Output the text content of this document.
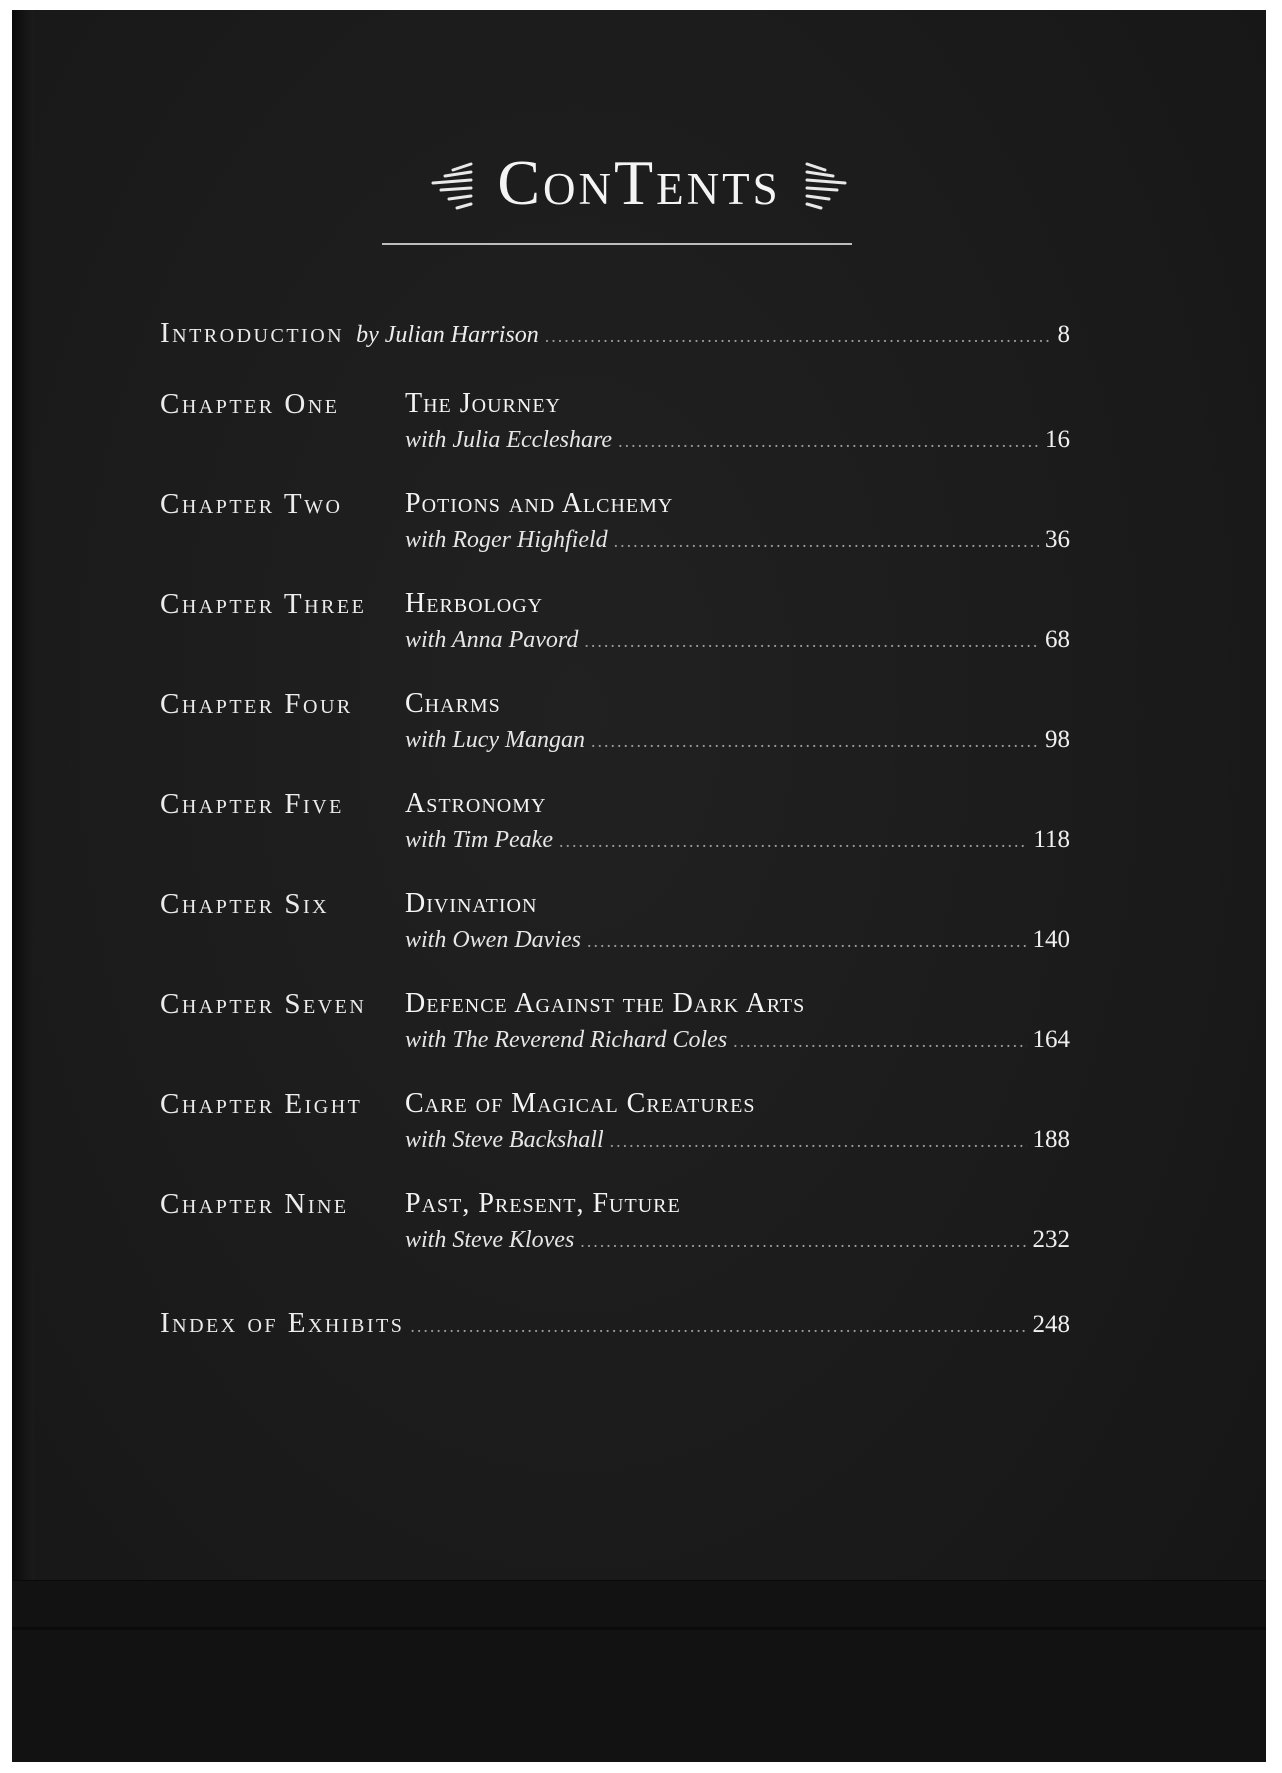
ConTents
Introduction by Julian Harrison .....	8
Chapter One The Journey
with Julia Eccleshare .....	16
Chapter Two Potions and Alchemy
with Roger Highfield .....	36
Chapter Three Herbology
with Anna Pavord .....	68
Chapter Four Charms
with Lucy Mangan .....	98
Chapter Five Astronomy
with Tim Peake .....	118
Chapter Six	Divination
with Owen Davies .....	140
Chapter Seven Defence Against the Dark Arts
with The Reverend Richard Coles .....	164
Chapter Eight Care of Magical Creatures
with Steve Backshall .....	188
Chapter Nine Past, Present, Future
with Steve Kloves .....	232
Index of Exhibits .....	248
